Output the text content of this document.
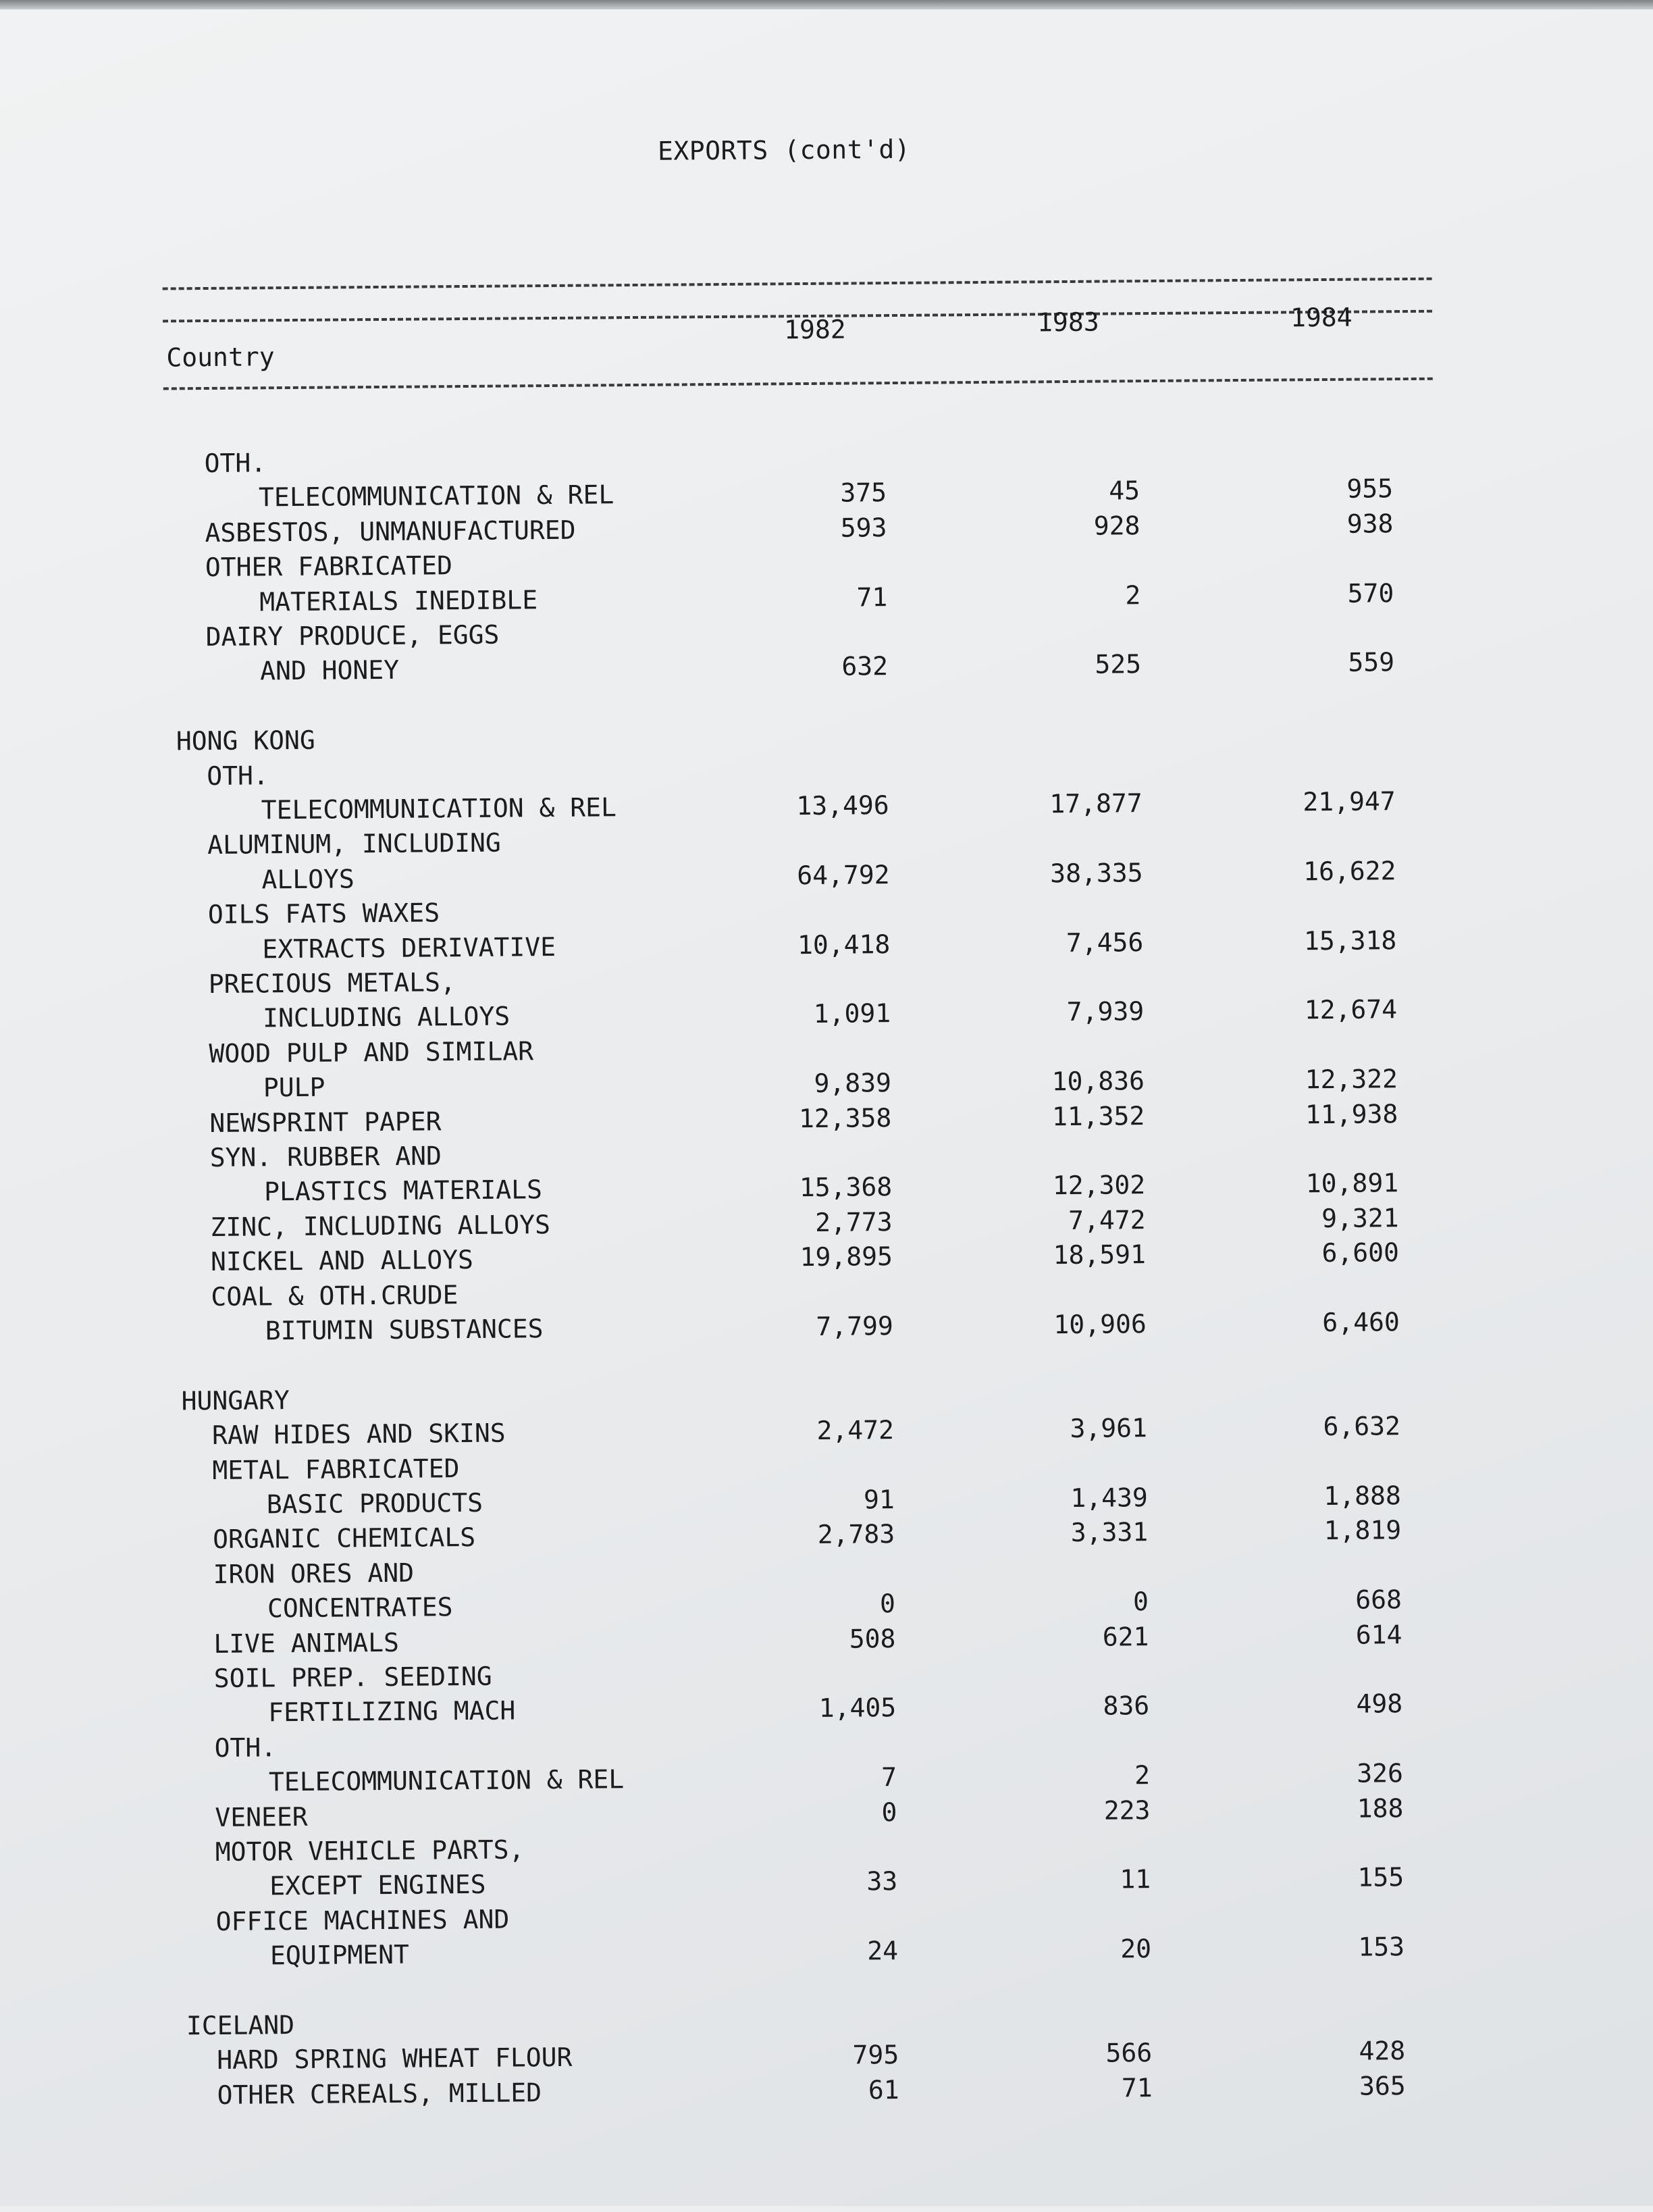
EXPORTS (cont'd)
Country
1982	1983	1984
OTH.
TELECOMMUNICATION & REL	375	45	955
ASBESTOS, UNMANUFACTURED	593	928	938
OTHER FABRICATED
MATERIALS INEDIBLE	71	2	570
DAIRY PRODUCE, EGGS
AND HONEY	632	525	559
HONG KONG
OTH.
TELECOMMUNICATION & REL	13,496	17,877	21,947
ALUMINUM, INCLUDING
ALLOYS	64,792	38,335	16,622
OILS FATS WAXES
EXTRACTS DERIVATIVE	10,418	7,456	15,318
PRECIOUS METALS,
INCLUDING ALLOYS	1,091	7,939	12,674
WOOD PULP AND SIMILAR
PULP	9,839	10,836	12,322
NEWSPRINT PAPER	12,358	11,352	11,938
SYN. RUBBER AND
PLASTICS MATERIALS	15,368	12,302	10,891
ZINC, INCLUDING ALLOYS	2,773	7,472	9,321
NICKEL AND ALLOYS	19,895	18,591	6,600
COAL & OTH.CRUDE
BITUMIN SUBSTANCES	7,799	10,906	6,460
HUNGARY
RAW HIDES AND SKINS	2,472	3,961	6,632
METAL FABRICATED
BASIC PRODUCTS	91	1,439	1,888
ORGANIC CHEMICALS	2,783	3,331	1,819
IRON ORES AND
CONCENTRATES	0	0	668
LIVE ANIMALS	508	621	614
SOIL PREP. SEEDING
FERTILIZING MACH	1,405	836	498
OTH.
TELECOMMUNICATION & REL	7	2	326
VENEER	0	223	188
MOTOR VEHICLE PARTS,
EXCEPT ENGINES	33	11	155
OFFICE MACHINES AND
EQUIPMENT	24	20	153
ICELAND
HARD SPRING WHEAT FLOUR	795	566	428
OTHER CEREALS, MILLED	61	71	365
